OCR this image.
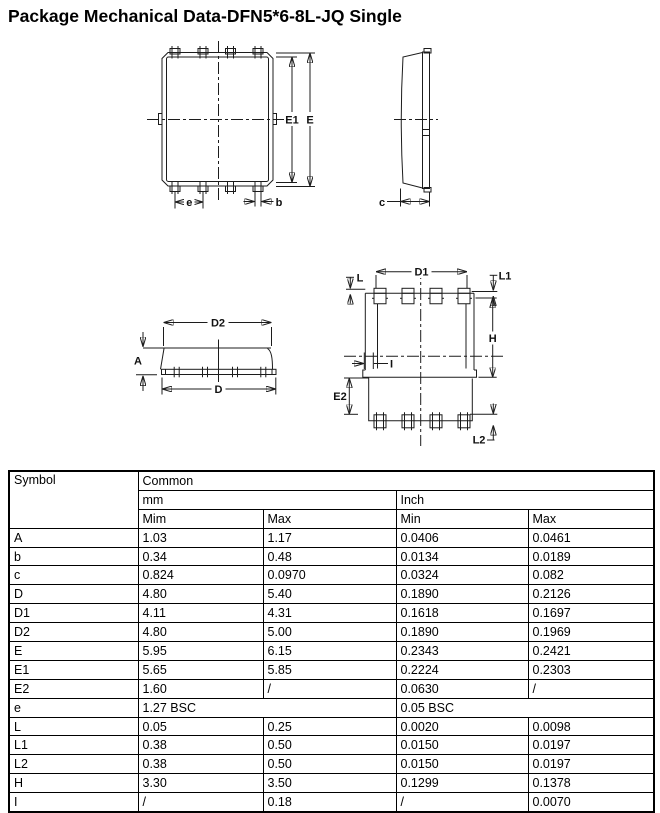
Package Mechanical Data-DFN5*6-8L-JQ Single
E1 E
e	b	c
D2
A
D
D1
L	L1
H
E2
I
L2
Symbol	Common			
	mm		Inch	
	Mim	Max	Min	Max
A	1.03	1.17	0.0406	0.0461
b	0.34	0.48	0.0134	0.0189
c	0.824	0.0970	0.0324	0.082
D	4.80	5.40	0.1890	0.2126
D1	4.11	4.31	0.1618	0.1697
D2	4.80	5.00	0.1890	0.1969
E	5.95	6.15	0.2343	0.2421
E1	5.65	5.85	0.2224	0.2303
E2	1.60	/	0.0630	/
e	1.27 BSC		0.05 BSC	
L	0.05	0.25	0.0020	0.0098
L1	0.38	0.50	0.0150	0.0197
L2	0.38	0.50	0.0150	0.0197
H	3.30	3.50	0.1299	0.1378
I	/	0.18	/	0.0070
